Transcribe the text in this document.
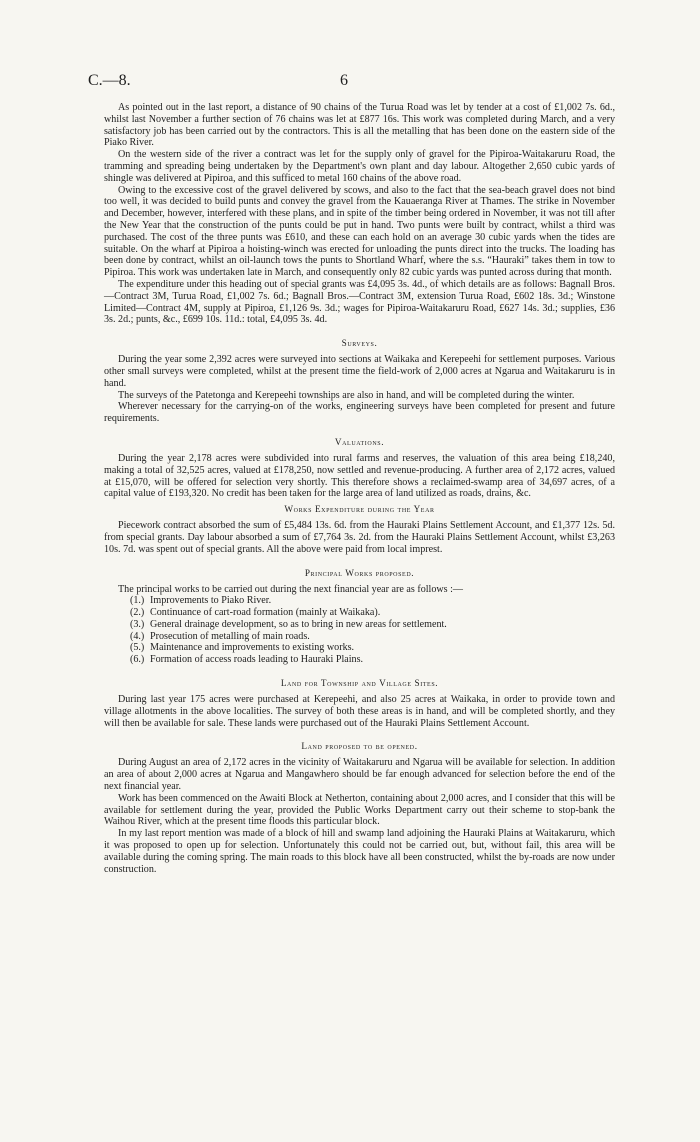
C.—8.	6

As pointed out in the last report, a distance of 90 chains of the Turua Road was let by tender at a cost of £1,002 7s. 6d., whilst last November a further section of 76 chains was let at £877 16s. This work was completed during March, and a very satisfactory job has been carried out by the contractors. This is all the metalling that has been done on the eastern side of the Piako River.

On the western side of the river a contract was let for the supply only of gravel for the Pipiroa-Waitakaruru Road, the tramming and spreading being undertaken by the Department's own plant and day labour. Altogether 2,650 cubic yards of shingle was delivered at Pipiroa, and this sufficed to metal 160 chains of the above road.

Owing to the excessive cost of the gravel delivered by scows, and also to the fact that the sea-beach gravel does not bind too well, it was decided to build punts and convey the gravel from the Kauaeranga River at Thames. The strike in November and December, however, interfered with these plans, and in spite of the timber being ordered in November, it was not till after the New Year that the construction of the punts could be put in hand. Two punts were built by contract, whilst a third was purchased. The cost of the three punts was £610, and these can each hold on an average 30 cubic yards when the tides are suitable. On the wharf at Pipiroa a hoisting-winch was erected for unloading the punts direct into the trucks. The loading has been done by contract, whilst an oil-launch tows the punts to Shortland Wharf, where the s.s. “Hauraki” takes them in tow to Pipiroa. This work was undertaken late in March, and consequently only 82 cubic yards was punted across during that month.

The expenditure under this heading out of special grants was £4,095 3s. 4d., of which details are as follows: Bagnall Bros.—Contract 3M, Turua Road, £1,002 7s. 6d.; Bagnall Bros.—Contract 3M, extension Turua Road, £602 18s. 3d.; Winstone Limited—Contract 4M, supply at Pipiroa, £1,126 9s. 3d.; wages for Pipiroa-Waitakaruru Road, £627 14s. 3d.; supplies, £36 3s. 2d.; punts, &c., £699 10s. 11d.: total, £4,095 3s. 4d.

Surveys.

During the year some 2,392 acres were surveyed into sections at Waikaka and Kerepeehi for settlement purposes. Various other small surveys were completed, whilst at the present time the field-work of 2,000 acres at Ngarua and Waitakaruru is in hand.

The surveys of the Patetonga and Kerepeehi townships are also in hand, and will be completed during the winter.

Wherever necessary for the carrying-on of the works, engineering surveys have been completed for present and future requirements.

Valuations.

During the year 2,178 acres were subdivided into rural farms and reserves, the valuation of this area being £18,240, making a total of 32,525 acres, valued at £178,250, now settled and revenue-producing. A further area of 2,172 acres, valued at £15,070, will be offered for selection very shortly. This therefore shows a reclaimed-swamp area of 34,697 acres, of a capital value of £193,320. No credit has been taken for the large area of land utilized as roads, drains, &c.

Works Expenditure during the Year

Piecework contract absorbed the sum of £5,484 13s. 6d. from the Hauraki Plains Settlement Account, and £1,377 12s. 5d. from special grants. Day labour absorbed a sum of £7,764 3s. 2d. from the Hauraki Plains Settlement Account, whilst £3,263 10s. 7d. was spent out of special grants. All the above were paid from local imprest.

Principal Works proposed.

The principal works to be carried out during the next financial year are as follows :—

(1.) Improvements to Piako River.
(2.) Continuance of cart-road formation (mainly at Waikaka).
(3.) General drainage development, so as to bring in new areas for settlement.
(4.) Prosecution of metalling of main roads.
(5.) Maintenance and improvements to existing works.
(6.) Formation of access roads leading to Hauraki Plains.
Land for Township and Village Sites.

During last year 175 acres were purchased at Kerepeehi, and also 25 acres at Waikaka, in order to provide town and village allotments in the above localities. The survey of both these areas is in hand, and will be completed shortly, and they will then be available for sale. These lands were purchased out of the Hauraki Plains Settlement Account.

Land proposed to be opened.

During August an area of 2,172 acres in the vicinity of Waitakaruru and Ngarua will be available for selection. In addition an area of about 2,000 acres at Ngarua and Mangawhero should be far enough advanced for selection before the end of the next financial year.

Work has been commenced on the Awaiti Block at Netherton, containing about 2,000 acres, and I consider that this will be available for settlement during the year, provided the Public Works Department carry out their scheme to stop-bank the Waihou River, which at the present time floods this particular block.

In my last report mention was made of a block of hill and swamp land adjoining the Hauraki Plains at Waitakaruru, which it was proposed to open up for selection. Unfortunately this could not be carried out, but, without fail, this area will be available during the coming spring. The main roads to this block have all been constructed, whilst the by-roads are now under construction.
